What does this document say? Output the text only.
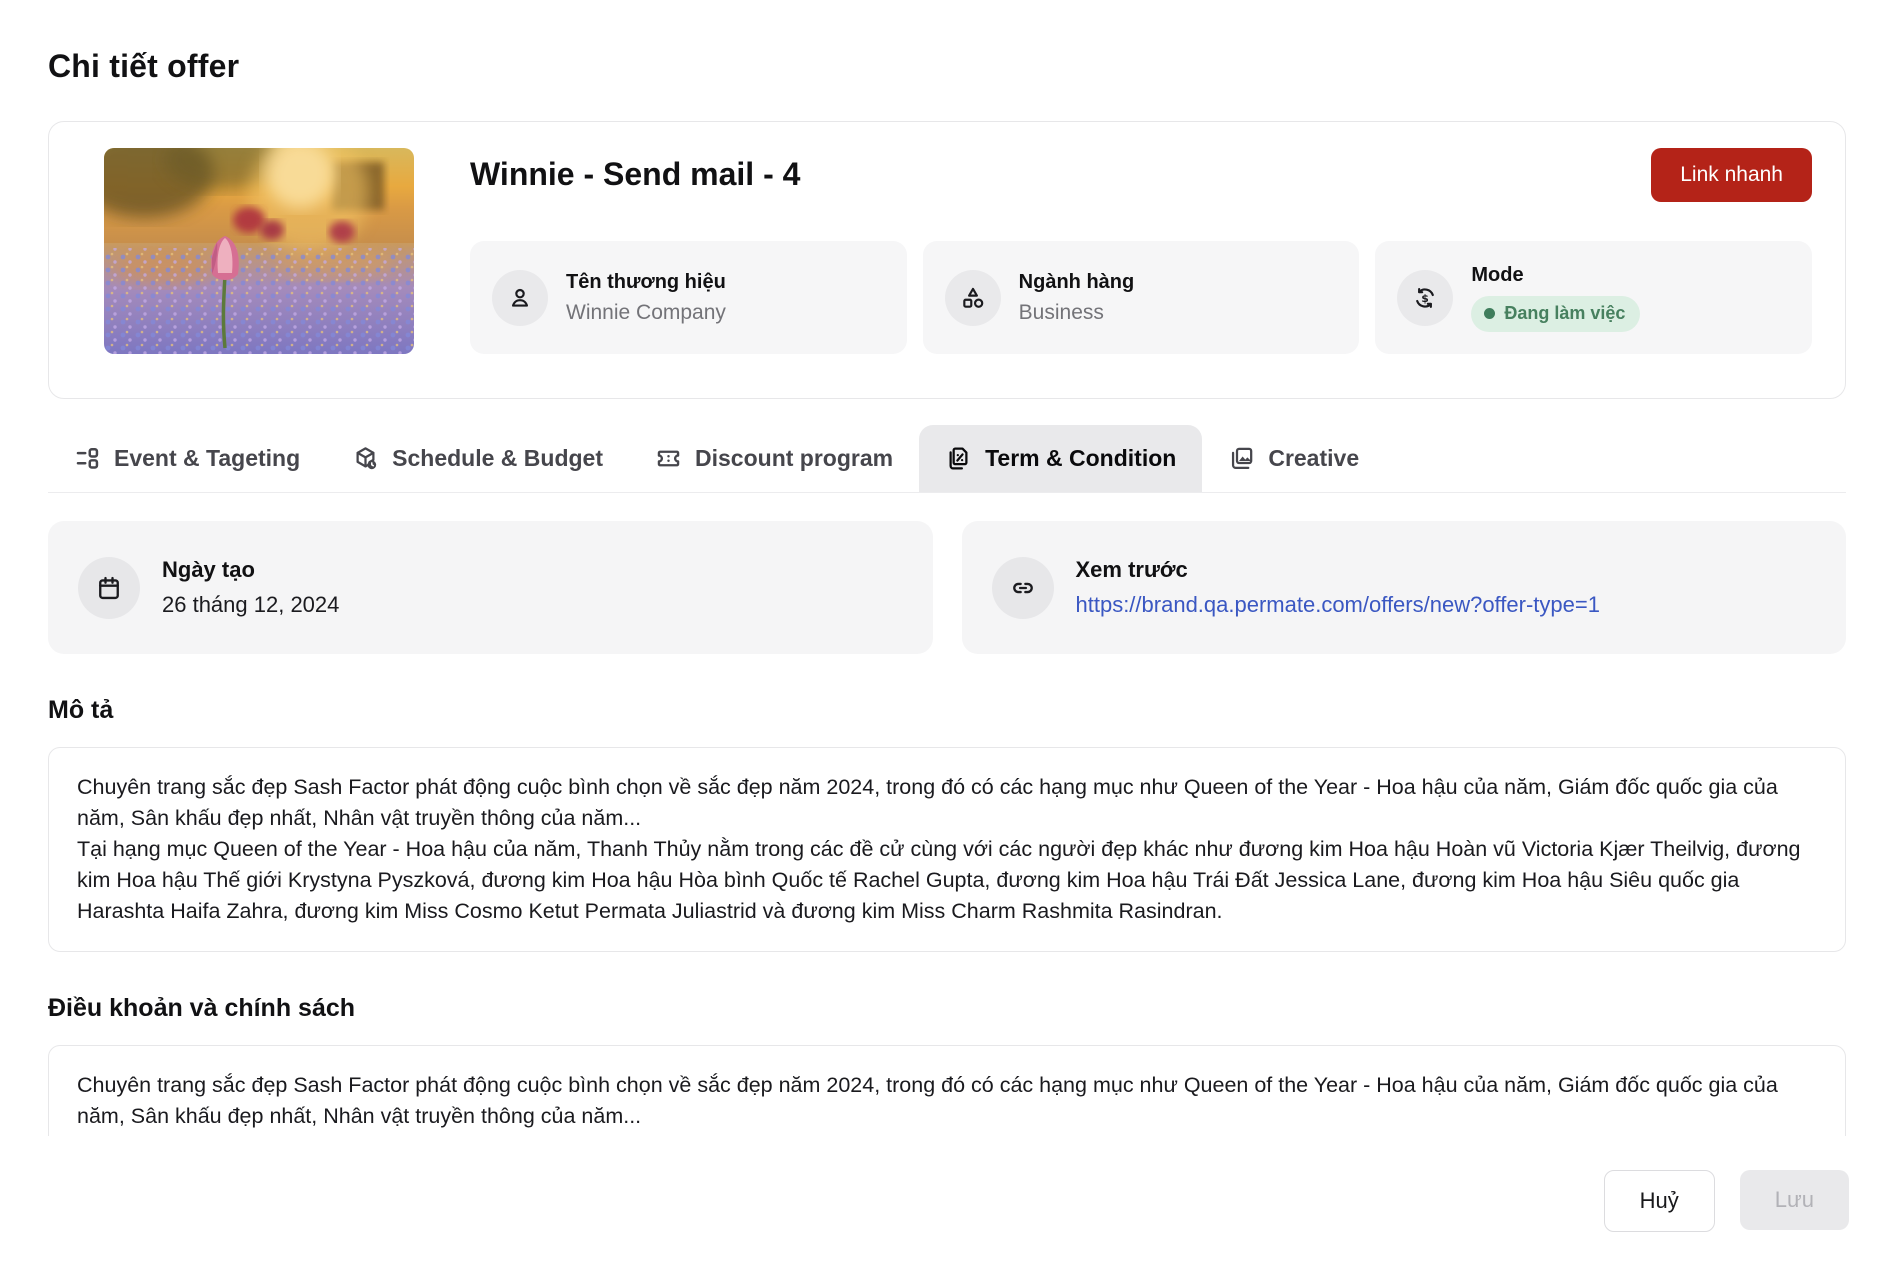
Chi tiết offer
Winnie - Send mail - 4	Link nhanh
Tên thương hiệu
Winnie Company
Ngành hàng
Business
$
Mode
Đang làm việc
Event & Tageting	Schedule & Budget	Discount program	Term & Condition	Creative
Ngày tạo
26 tháng 12, 2024
Xem trước
https://brand.qa.permate.com/offers/new?offer-type=1
Mô tả

Chuyên trang sắc đẹp Sash Factor phát động cuộc bình chọn về sắc đẹp năm 2024, trong đó có các hạng mục như Queen of the Year - Hoa hậu của năm, Giám đốc quốc gia của năm, Sân khấu đẹp nhất, Nhân vật truyền thông của năm...

Tại hạng mục Queen of the Year - Hoa hậu của năm, Thanh Thủy nằm trong các đề cử cùng với các người đẹp khác như đương kim Hoa hậu Hoàn vũ Victoria Kjær Theilvig, đương kim Hoa hậu Thế giới Krystyna Pyszková, đương kim Hoa hậu Hòa bình Quốc tế Rachel Gupta, đương kim Hoa hậu Trái Đất Jessica Lane, đương kim Hoa hậu Siêu quốc gia Harashta Haifa Zahra, đương kim Miss Cosmo Ketut Permata Juliastrid và đương kim Miss Charm Rashmita Rasindran.

Điều khoản và chính sách

Chuyên trang sắc đẹp Sash Factor phát động cuộc bình chọn về sắc đẹp năm 2024, trong đó có các hạng mục như Queen of the Year - Hoa hậu của năm, Giám đốc quốc gia của năm, Sân khấu đẹp nhất, Nhân vật truyền thông của năm...

Huỷ	Lưu
